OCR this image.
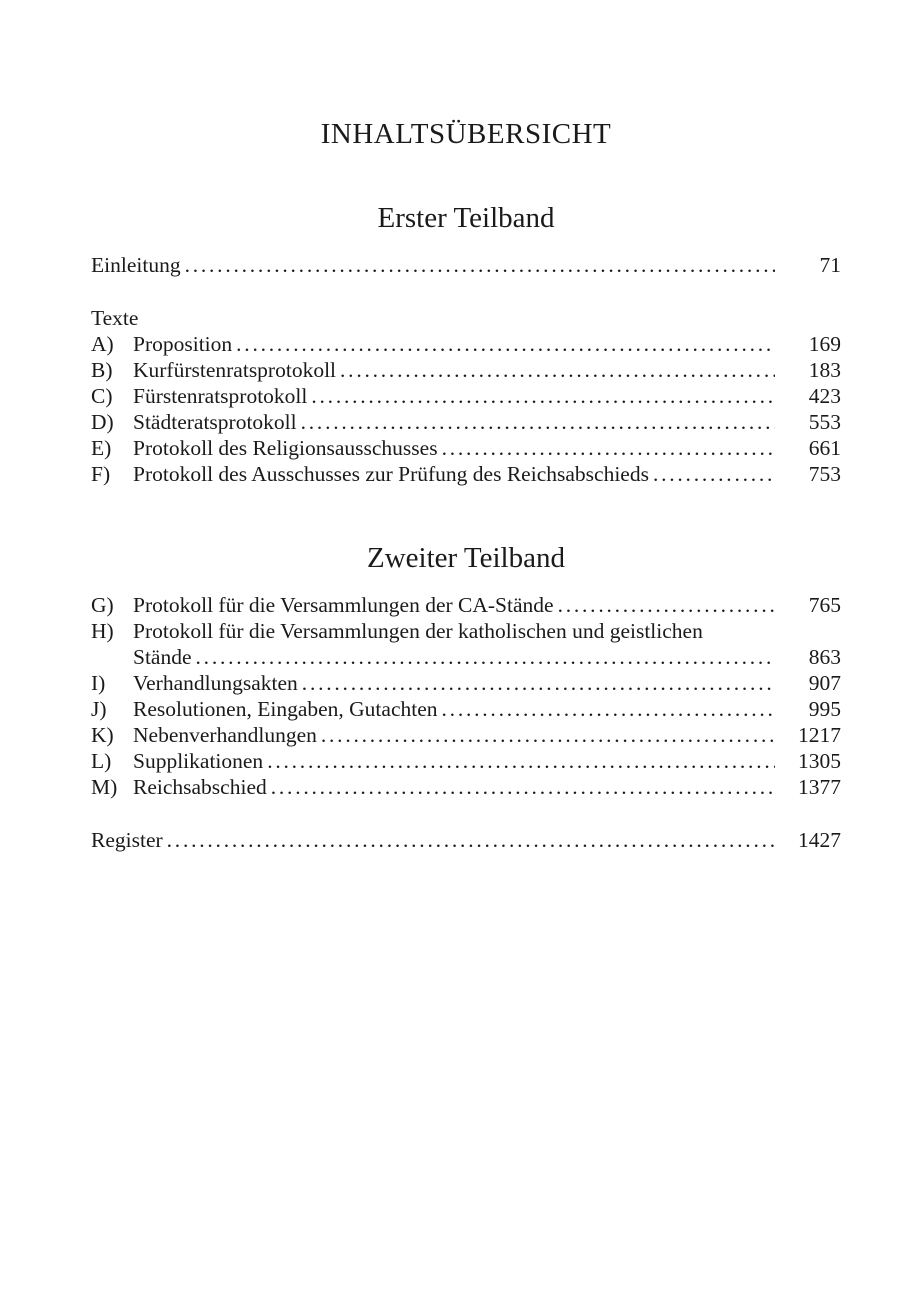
INHALTSÜBERSICHT
Erster Teilband
Einleitung . . .	71
Texte
A) Proposition . . .	169
B) Kurfürstenratsprotokoll . . .	183
C) Fürstenratsprotokoll . . .	423
D) Städteratsprotokoll . . .	553
E)	Protokoll des Religionsausschusses . . .	661
F)	Protokoll des Ausschusses zur Prüfung des Reichsabschieds . . .	753
Zweiter Teilband
G) Protokoll für die Versammlungen der CA-Stände . . .	765
H) Protokoll für die Versammlungen der katholischen und geistlichen
Stände . . .	863
I)	Verhandlungsakten . . .	907
J)	Resolutionen, Eingaben, Gutachten . . .	995
K) Nebenverhandlungen . . .	1217
L)	Supplikationen . . .	1305
M) Reichsabschied . . .	1377
Register . . .	1427
